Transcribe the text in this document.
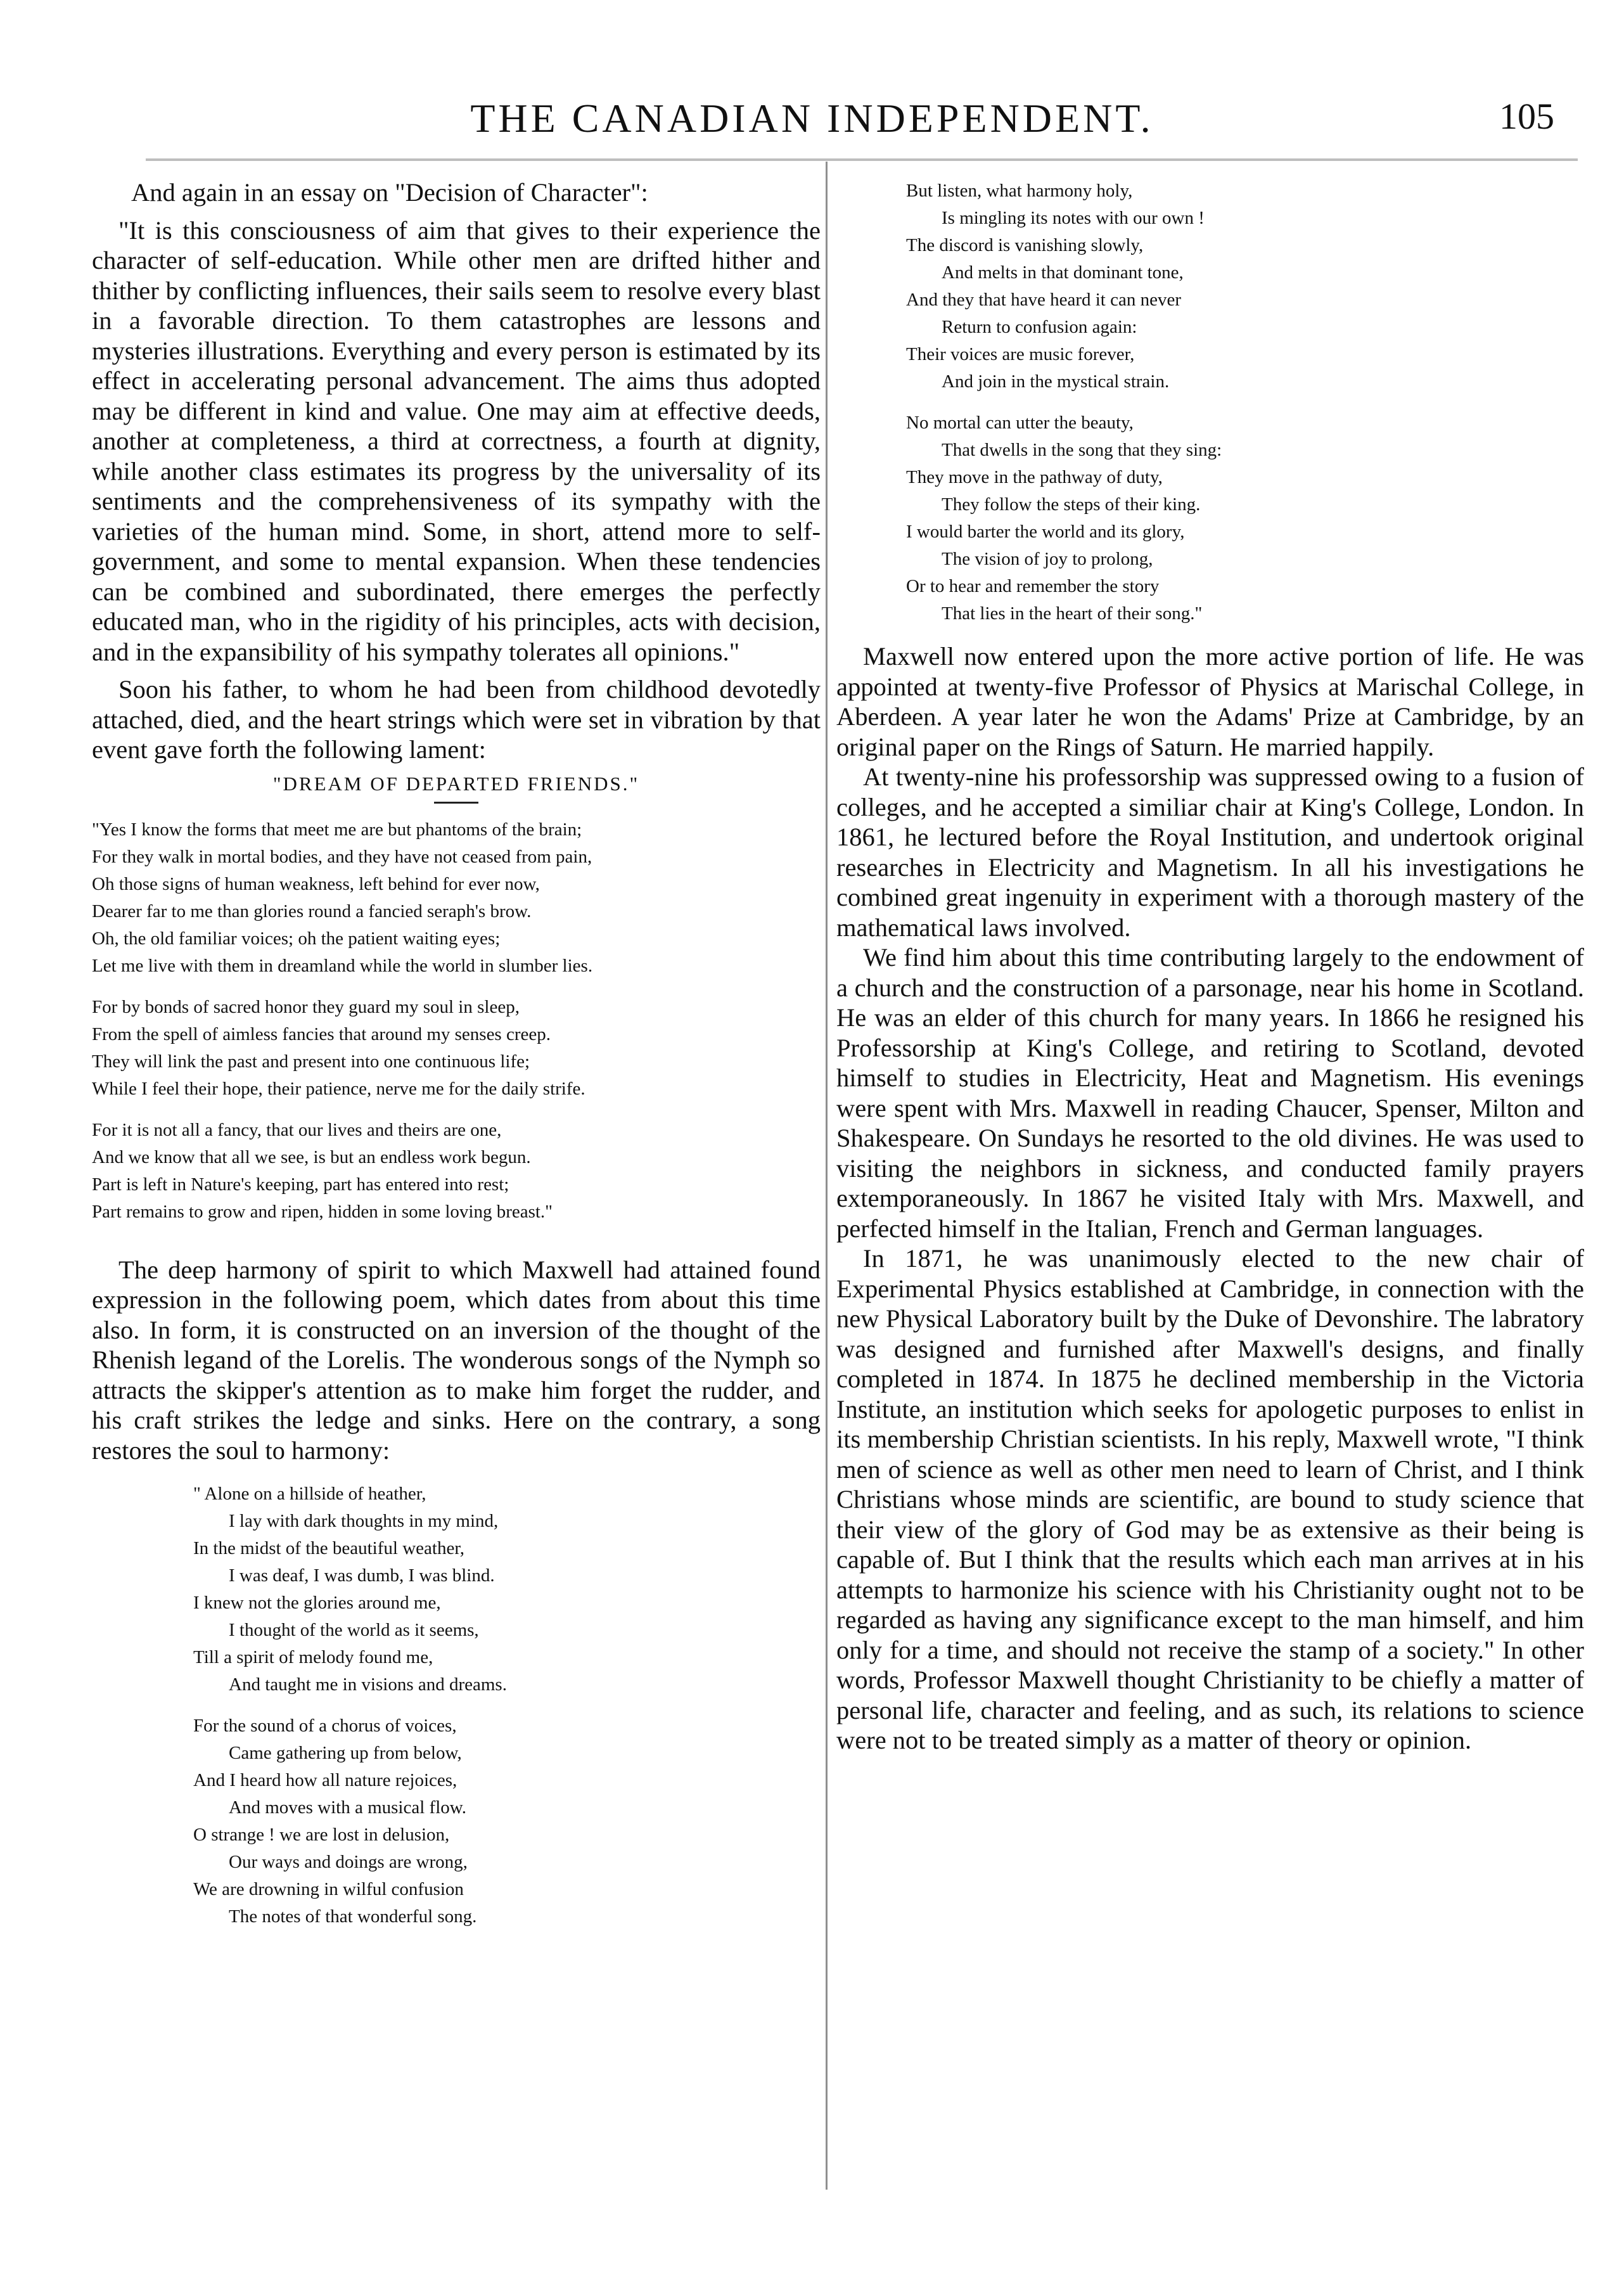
THE CANADIAN INDEPENDENT.	105

And again in an essay on "Decision of Character":

"It is this consciousness of aim that gives to their experience the character of self-education. While other men are drifted hither and thither by conflicting influences, their sails seem to resolve every blast in a favorable direction. To them catastrophes are lessons and mysteries illustrations. Everything and every person is estimated by its effect in accelerating personal advancement. The aims thus adopted may be different in kind and value. One may aim at effective deeds, another at completeness, a third at correctness, a fourth at dignity, while another class estimates its progress by the universality of its sentiments and the comprehensiveness of its sympathy with the varieties of the human mind. Some, in short, attend more to self-government, and some to mental expansion. When these tendencies can be combined and subordinated, there emerges the perfectly educated man, who in the rigidity of his principles, acts with decision, and in the expansibility of his sympathy tolerates all opinions."

Soon his father, to whom he had been from childhood devotedly attached, died, and the heart strings which were set in vibration by that event gave forth the following lament:

"DREAM OF DEPARTED FRIENDS."
"Yes I know the forms that meet me are but phantoms of the brain;
For they walk in mortal bodies, and they have not ceased from pain,
Oh those signs of human weakness, left behind for ever now,
Dearer far to me than glories round a fancied seraph's brow.
Oh, the old familiar voices; oh the patient waiting eyes;
Let me live with them in dreamland while the world in slumber lies.
For by bonds of sacred honor they guard my soul in sleep,
From the spell of aimless fancies that around my senses creep.
They will link the past and present into one continuous life;
While I feel their hope, their patience, nerve me for the daily strife.
For it is not all a fancy, that our lives and theirs are one,
And we know that all we see, is but an endless work begun.
Part is left in Nature's keeping, part has entered into rest;
Part remains to grow and ripen, hidden in some loving breast."

The deep harmony of spirit to which Maxwell had attained found expression in the following poem, which dates from about this time also. In form, it is constructed on an inversion of the thought of the Rhenish legand of the Lorelis. The wonderous songs of the Nymph so attracts the skipper's attention as to make him forget the rudder, and his craft strikes the ledge and sinks. Here on the contrary, a song restores the soul to harmony:

" Alone on a hillside of heather,
I lay with dark thoughts in my mind,
In the midst of the beautiful weather,
I was deaf, I was dumb, I was blind.
I knew not the glories around me,
I thought of the world as it seems,
Till a spirit of melody found me,
And taught me in visions and dreams.
For the sound of a chorus of voices,
Came gathering up from below,
And I heard how all nature rejoices,
And moves with a musical flow.
O strange ! we are lost in delusion,
Our ways and doings are wrong,
We are drowning in wilful confusion
The notes of that wonderful song.
But listen, what harmony holy,
Is mingling its notes with our own !
The discord is vanishing slowly,
And melts in that dominant tone,
And they that have heard it can never
Return to confusion again:
Their voices are music forever,
And join in the mystical strain.
No mortal can utter the beauty,
That dwells in the song that they sing:
They move in the pathway of duty,
They follow the steps of their king.
I would barter the world and its glory,
The vision of joy to prolong,
Or to hear and remember the story
That lies in the heart of their song."

Maxwell now entered upon the more active portion of life. He was appointed at twenty-five Professor of Physics at Marischal College, in Aberdeen. A year later he won the Adams' Prize at Cambridge, by an original paper on the Rings of Saturn. He married happily.

At twenty-nine his professorship was suppressed owing to a fusion of colleges, and he accepted a similiar chair at King's College, London. In 1861, he lectured before the Royal Institution, and undertook original researches in Electricity and Magnetism. In all his investigations he combined great ingenuity in experiment with a thorough mastery of the mathematical laws involved.

We find him about this time contributing largely to the endowment of a church and the construction of a parsonage, near his home in Scotland. He was an elder of this church for many years. In 1866 he resigned his Professorship at King's College, and retiring to Scotland, devoted himself to studies in Electricity, Heat and Magnetism. His evenings were spent with Mrs. Maxwell in reading Chaucer, Spenser, Milton and Shakespeare. On Sundays he resorted to the old divines. He was used to visiting the neighbors in sickness, and conducted family prayers extemporaneously. In 1867 he visited Italy with Mrs. Maxwell, and perfected himself in the Italian, French and German languages.

In 1871, he was unanimously elected to the new chair of Experimental Physics established at Cambridge, in connection with the new Physical Laboratory built by the Duke of Devonshire. The labratory was designed and furnished after Maxwell's designs, and finally completed in 1874. In 1875 he declined membership in the Victoria Institute, an institution which seeks for apologetic purposes to enlist in its membership Christian scientists. In his reply, Maxwell wrote, "I think men of science as well as other men need to learn of Christ, and I think Christians whose minds are scientific, are bound to study science that their view of the glory of God may be as extensive as their being is capable of. But I think that the results which each man arrives at in his attempts to harmonize his science with his Christianity ought not to be regarded as having any significance except to the man himself, and him only for a time, and should not receive the stamp of a society." In other words, Professor Maxwell thought Christianity to be chiefly a matter of personal life, character and feeling, and as such, its relations to science were not to be treated simply as a matter of theory or opinion.
